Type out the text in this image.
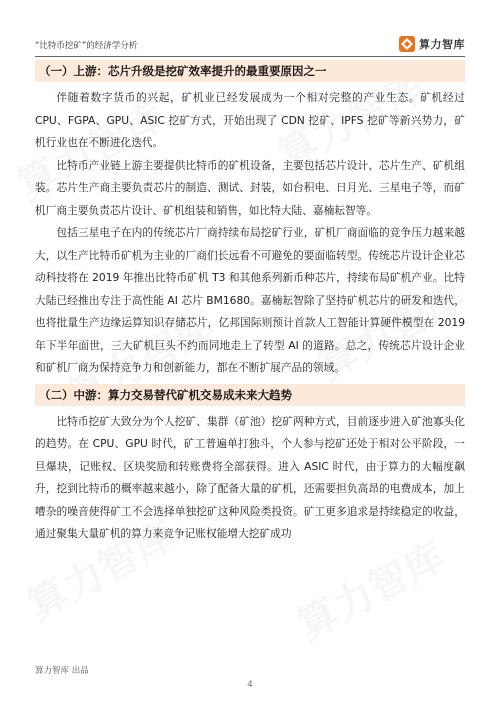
“比特币挖矿”的经济学分析	算力智库
（一）上游：芯片升级是挖矿效率提升的最重要原因之一

伴随着数字货币的兴起，矿机业已经发展成为一个相对完整的产业生态。矿机经过 CPU、FGPA、GPU、ASIC 挖矿方式，开始出现了 CDN 挖矿、IPFS 挖矿等新兴势力，矿机行业也在不断进化迭代。

比特币产业链上游主要提供比特币的矿机设备，主要包括芯片设计、芯片生产、矿机组装。芯片生产商主要负责芯片的制造、测试、封装，如台积电、日月光、三星电子等，而矿机厂商主要负责芯片设计、矿机组装和销售，如比特大陆、嘉楠耘智等。

包括三星电子在内的传统芯片厂商持续布局挖矿行业，矿机厂商面临的竞争压力越来越大，以生产比特币矿机为主业的厂商们长远看不可避免的要面临转型。传统芯片设计企业芯动科技将在 2019 年推出比特币矿机 T3 和其他系列新币种芯片，持续布局矿机产业。比特大陆已经推出专注于高性能 AI 芯片 BM1680。嘉楠耘智除了坚持矿机芯片的研发和迭代，也将批量生产边缘运算知识存储芯片，亿邦国际则预计首款人工智能计算硬件模型在 2019 年下半年面世，三大矿机巨头不约而同地走上了转型 AI 的道路。总之，传统芯片设计企业和矿机厂商为保持竞争力和创新能力，都在不断扩展产品的领域。

（二）中游：算力交易替代矿机交易成未来大趋势

比特币挖矿大致分为个人挖矿、集群（矿池）挖矿两种方式，目前逐步进入矿池寡头化的趋势。在 CPU、GPU 时代，矿工普遍单打独斗，个人参与挖矿还处于相对公平阶段，一旦爆块，记账权、区块奖励和转账费将全部获得。进入 ASIC 时代，由于算力的大幅度飙升，挖到比特币的概率越来越小，除了配备大量的矿机，还需要担负高昂的电费成本，加上嘈杂的噪音使得矿工不会选择单独挖矿这种风险类投资。矿工更多追求是持续稳定的收益，通过聚集大量矿机的算力来竞争记账权能增大挖矿成功

算力智库 出品
4
